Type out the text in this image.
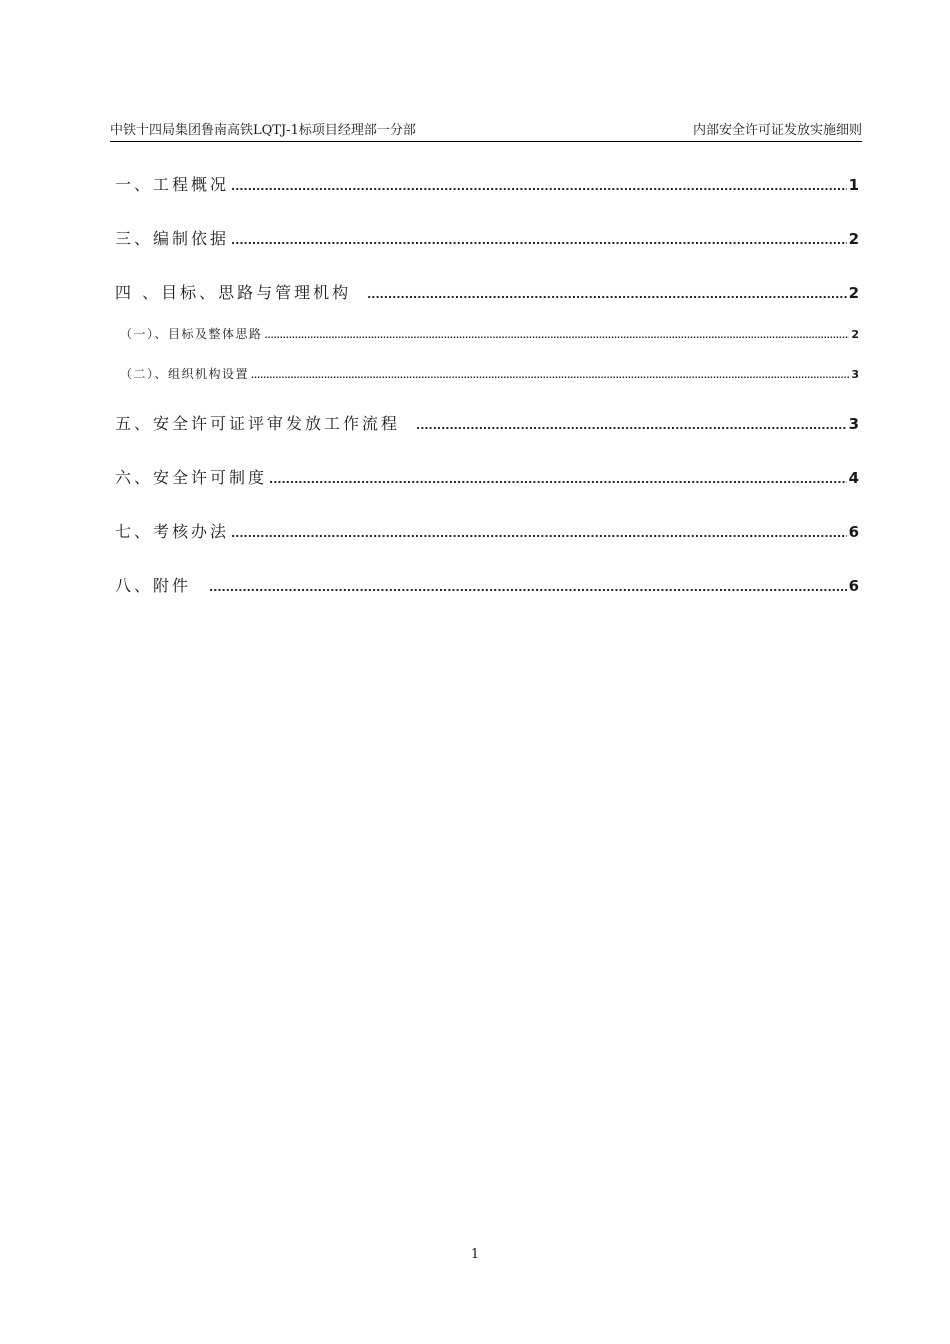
中铁十四局集团鲁南高铁LQTJ-1标项目经理部一分部	内部安全许可证发放实施细则
一、工程概况 .....	1
三、编制依据 .....	2
四 、目标、思路与管理机构 .....	2
（一）、目标及整体思路 .....	2
（二）、组织机构设置 .....	3
五、安全许可证评审发放工作流程 .....	3
六、安全许可制度 .....	4
七、考核办法 .....	6
八、附件 .....	6
1
